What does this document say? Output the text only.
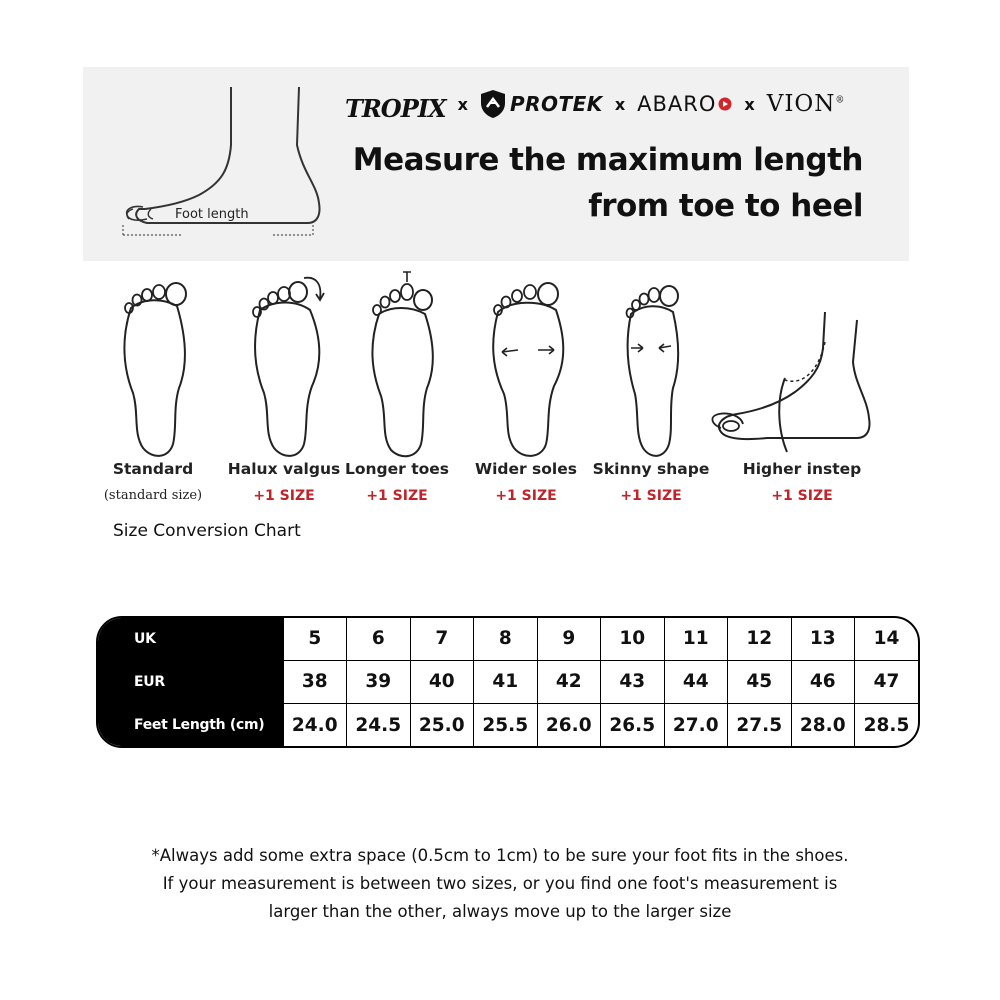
Foot length
TROPIX x PROTEK x ABARO x VION®
Measure the maximum length
from toe to heel
Standard
(standard size)
Halux valgus
+1 SIZE
Longer toes
+1 SIZE
Wider soles
+1 SIZE
Skinny shape
+1 SIZE
Higher instep
+1 SIZE
Size Conversion Chart
UK	5	6	7	8	9	10	11	12	13	14
EUR	38	39	40	41	42	43	44	45	46	47
Feet Length (cm)	24.0	24.5	25.0	25.5	26.0	26.5	27.0	27.5	28.0	28.5
*Always add some extra space (0.5cm to 1cm) to be sure your foot fits in the shoes.
If your measurement is between two sizes, or you find one foot's measurement is
larger than the other, always move up to the larger size
